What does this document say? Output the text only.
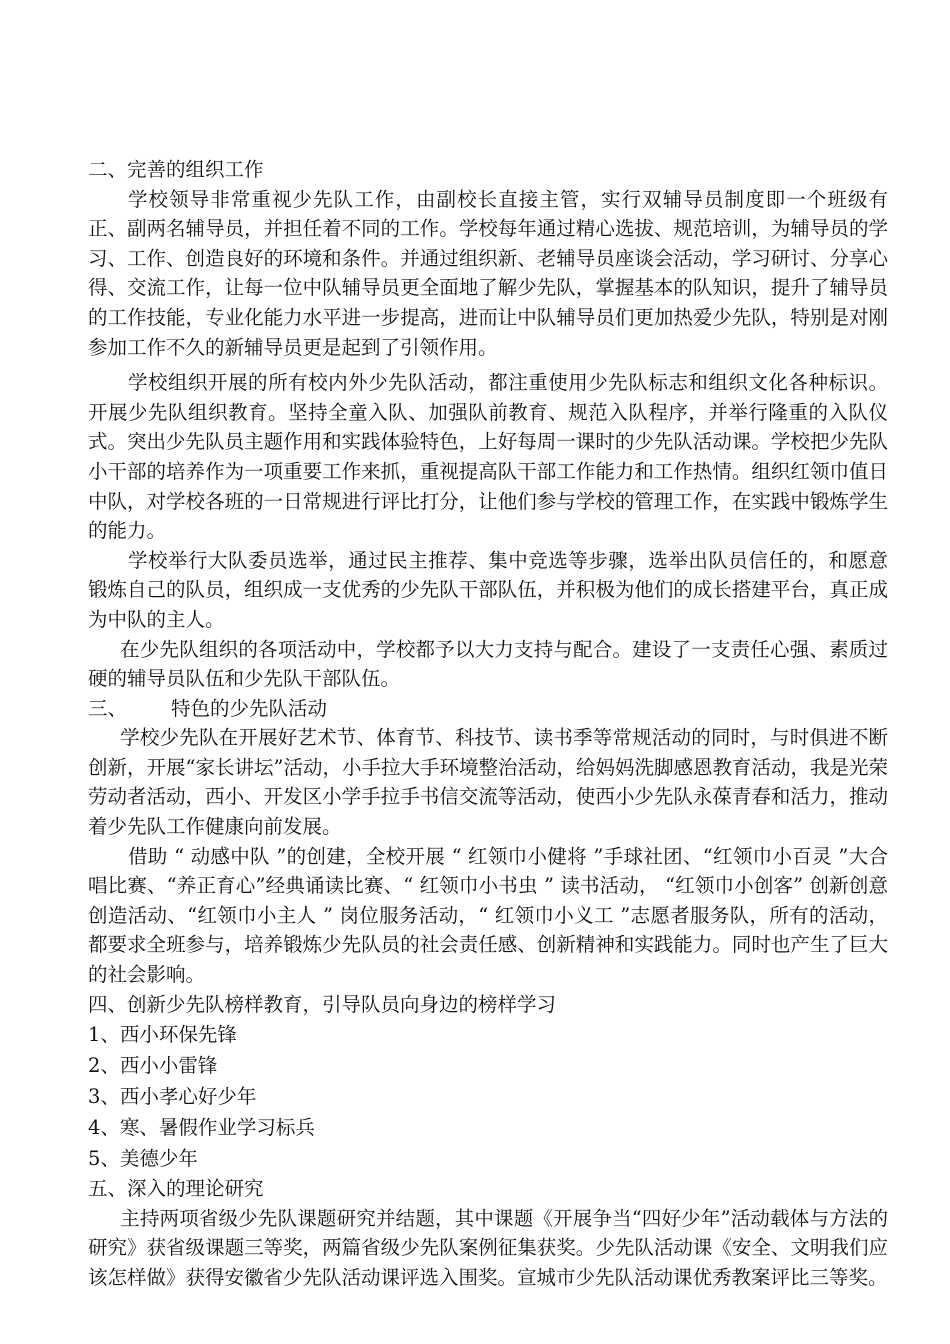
二、完善的组织工作

学校领导非常重视少先队工作，由副校长直接主管，实行双辅导员制度即一个班级有正、副两名辅导员，并担任着不同的工作。学校每年通过精心选拔、规范培训，为辅导员的学习、工作、创造良好的环境和条件。并通过组织新、老辅导员座谈会活动，学习研讨、分享心得、交流工作，让每一位中队辅导员更全面地了解少先队，掌握基本的队知识，提升了辅导员的工作技能，专业化能力水平进一步提高，进而让中队辅导员们更加热爱少先队，特别是对刚参加工作不久的新辅导员更是起到了引领作用。

学校组织开展的所有校内外少先队活动，都注重使用少先队标志和组织文化各种标识。开展少先队组织教育。坚持全童入队、加强队前教育、规范入队程序，并举行隆重的入队仪式。突出少先队员主题作用和实践体验特色，上好每周一课时的少先队活动课。学校把少先队小干部的培养作为一项重要工作来抓，重视提高队干部工作能力和工作热情。组织红领巾值日中队，对学校各班的一日常规进行评比打分，让他们参与学校的管理工作，在实践中锻炼学生的能力。

学校举行大队委员选举，通过民主推荐、集中竞选等步骤，选举出队员信任的，和愿意锻炼自己的队员，组织成一支优秀的少先队干部队伍，并积极为他们的成长搭建平台，真正成为中队的主人。

在少先队组织的各项活动中，学校都予以大力支持与配合。建设了一支责任心强、素质过硬的辅导员队伍和少先队干部队伍。

三、 特色的少先队活动

学校少先队在开展好艺术节、体育节、科技节、读书季等常规活动的同时，与时俱进不断创新，开展“家长讲坛”活动，小手拉大手环境整治活动，给妈妈洗脚感恩教育活动，我是光荣劳动者活动，西小、开发区小学手拉手书信交流等活动，使西小少先队永葆青春和活力，推动着少先队工作健康向前发展。

借助 “ 动感中队 ”的创建，全校开展 “ 红领巾小健将 ”手球社团、“红领巾小百灵 ”大合唱比赛、“养正育心”经典诵读比赛、“ 红领巾小书虫 ” 读书活动， “红领巾小创客” 创新创意创造活动、“红领巾小主人 ” 岗位服务活动，“ 红领巾小义工 ”志愿者服务队，所有的活动，都要求全班参与，培养锻炼少先队员的社会责任感、创新精神和实践能力。同时也产生了巨大的社会影响。

四、创新少先队榜样教育，引导队员向身边的榜样学习

1、西小环保先锋

2、西小小雷锋

3、西小孝心好少年

4、寒、暑假作业学习标兵

5、美德少年

五、深入的理论研究

主持两项省级少先队课题研究并结题，其中课题《开展争当“四好少年”活动载体与方法的研究》获省级课题三等奖，两篇省级少先队案例征集获奖。少先队活动课《安全、文明我们应该怎样做》获得安徽省少先队活动课评选入围奖。宣城市少先队活动课优秀教案评比三等奖。
